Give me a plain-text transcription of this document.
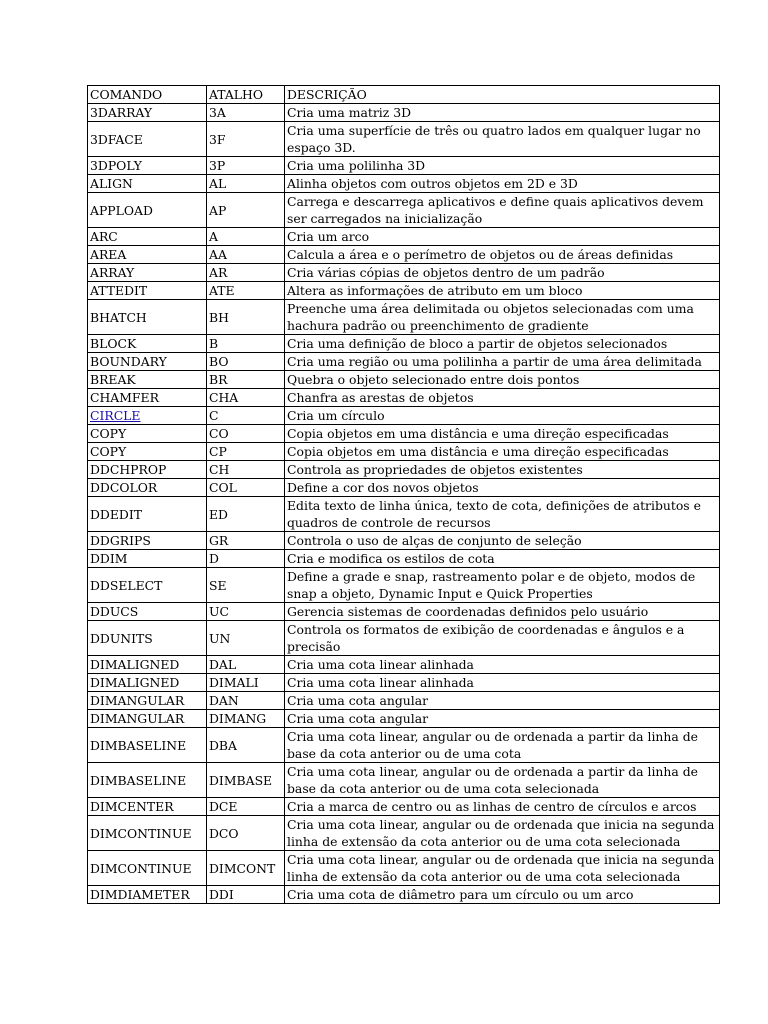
COMANDO	ATALHO	DESCRIÇÃO
3DARRAY	3A	Cria uma matriz 3D
3DFACE	3F	Cria uma superfície de três ou quatro lados em qualquer lugar no espaço 3D.
3DPOLY	3P	Cria uma polilinha 3D
ALIGN	AL	Alinha objetos com outros objetos em 2D e 3D
APPLOAD	AP	Carrega e descarrega aplicativos e define quais aplicativos devem ser carregados na inicialização
ARC	A	Cria um arco
AREA	AA	Calcula a área e o perímetro de objetos ou de áreas definidas
ARRAY	AR	Cria várias cópias de objetos dentro de um padrão
ATTEDIT	ATE	Altera as informações de atributo em um bloco
BHATCH	BH	Preenche uma área delimitada ou objetos selecionadas com uma hachura padrão ou preenchimento de gradiente
BLOCK	B	Cria uma definição de bloco a partir de objetos selecionados
BOUNDARY	BO	Cria uma região ou uma polilinha a partir de uma área delimitada
BREAK	BR	Quebra o objeto selecionado entre dois pontos
CHAMFER	CHA	Chanfra as arestas de objetos
CIRCLE	C	Cria um círculo
COPY	CO	Copia objetos em uma distância e uma direção especificadas
COPY	CP	Copia objetos em uma distância e uma direção especificadas
DDCHPROP	CH	Controla as propriedades de objetos existentes
DDCOLOR	COL	Define a cor dos novos objetos
DDEDIT	ED	Edita texto de linha única, texto de cota, definições de atributos e quadros de controle de recursos
DDGRIPS	GR	Controla o uso de alças de conjunto de seleção
DDIM	D	Cria e modifica os estilos de cota
DDSELECT	SE	Define a grade e snap, rastreamento polar e de objeto, modos de snap a objeto, Dynamic Input e Quick Properties
DDUCS	UC	Gerencia sistemas de coordenadas definidos pelo usuário
DDUNITS	UN	Controla os formatos de exibição de coordenadas e ângulos e a precisão
DIMALIGNED	DAL	Cria uma cota linear alinhada
DIMALIGNED	DIMALI	Cria uma cota linear alinhada
DIMANGULAR	DAN	Cria uma cota angular
DIMANGULAR	DIMANG	Cria uma cota angular
DIMBASELINE	DBA	Cria uma cota linear, angular ou de ordenada a partir da linha de base da cota anterior ou de uma cota
DIMBASELINE	DIMBASE	Cria uma cota linear, angular ou de ordenada a partir da linha de base da cota anterior ou de uma cota selecionada
DIMCENTER	DCE	Cria a marca de centro ou as linhas de centro de círculos e arcos
DIMCONTINUE	DCO	Cria uma cota linear, angular ou de ordenada que inicia na segunda linha de extensão da cota anterior ou de uma cota selecionada
DIMCONTINUE	DIMCONT	Cria uma cota linear, angular ou de ordenada que inicia na segunda linha de extensão da cota anterior ou de uma cota selecionada
DIMDIAMETER	DDI	Cria uma cota de diâmetro para um círculo ou um arco
